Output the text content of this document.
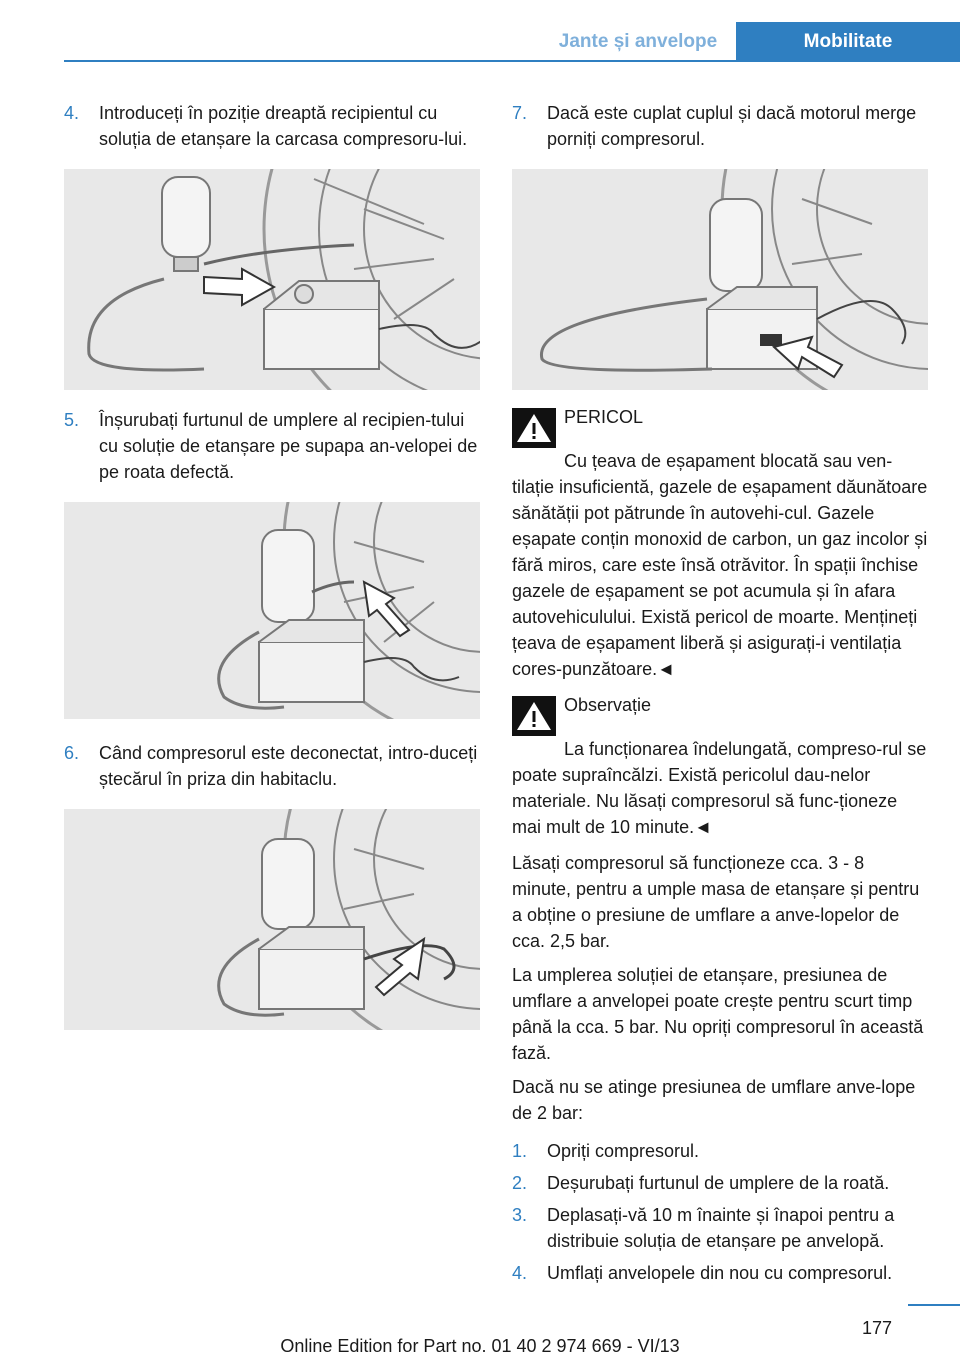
Jante și anvelope	Mobilitate
4.	Introduceți în poziție dreaptă recipientul cu soluția de etanșare la carcasa compresoru-lui.
5.	Înșurubați furtunul de umplere al recipien-tului cu soluție de etanșare pe supapa an-velopei de pe roata defectă.
6.	Când compresorul este deconectat, intro-duceți ștecărul în priza din habitaclu.
7.	Dacă este cuplat cuplul și dacă motorul merge porniți compresorul.
PERICOL

Cu țeava de eșapament blocată sau ven-tilație insuficientă, gazele de eșapament dăunătoare sănătății pot pătrunde în autovehi-cul. Gazele eșapate conțin monoxid de carbon, un gaz incolor și fără miros, care este însă otrăvitor. În spații închise gazele de eșapament se pot acumula și în afara autovehiculului. Există pericol de moarte. Mențineți țeava de eșapament liberă și asigurați-i ventilația cores-punzătoare.◄

Observație

La funcționarea îndelungată, compreso-rul se poate supraîncălzi. Există pericolul dau-nelor materiale. Nu lăsați compresorul să func-ționeze mai mult de 10 minute.◄

Lăsați compresorul să funcționeze cca. 3 - 8 minute, pentru a umple masa de etanșare și pentru a obține o presiune de umflare a anve-lopelor de cca. 2,5 bar.

La umplerea soluției de etanșare, presiunea de umflare a anvelopei poate crește pentru scurt timp până la cca. 5 bar. Nu opriți compresorul în această fază.

Dacă nu se atinge presiunea de umflare anve-lope de 2 bar:

1.	Opriți compresorul.
2.	Deșurubați furtunul de umplere de la roată.
3.	Deplasați-vă 10 m înainte și înapoi pentru a distribuie soluția de etanșare pe anvelopă.
4.	Umflați anvelopele din nou cu compresorul.
177
Online Edition for Part no. 01 40 2 974 669 - VI/13
